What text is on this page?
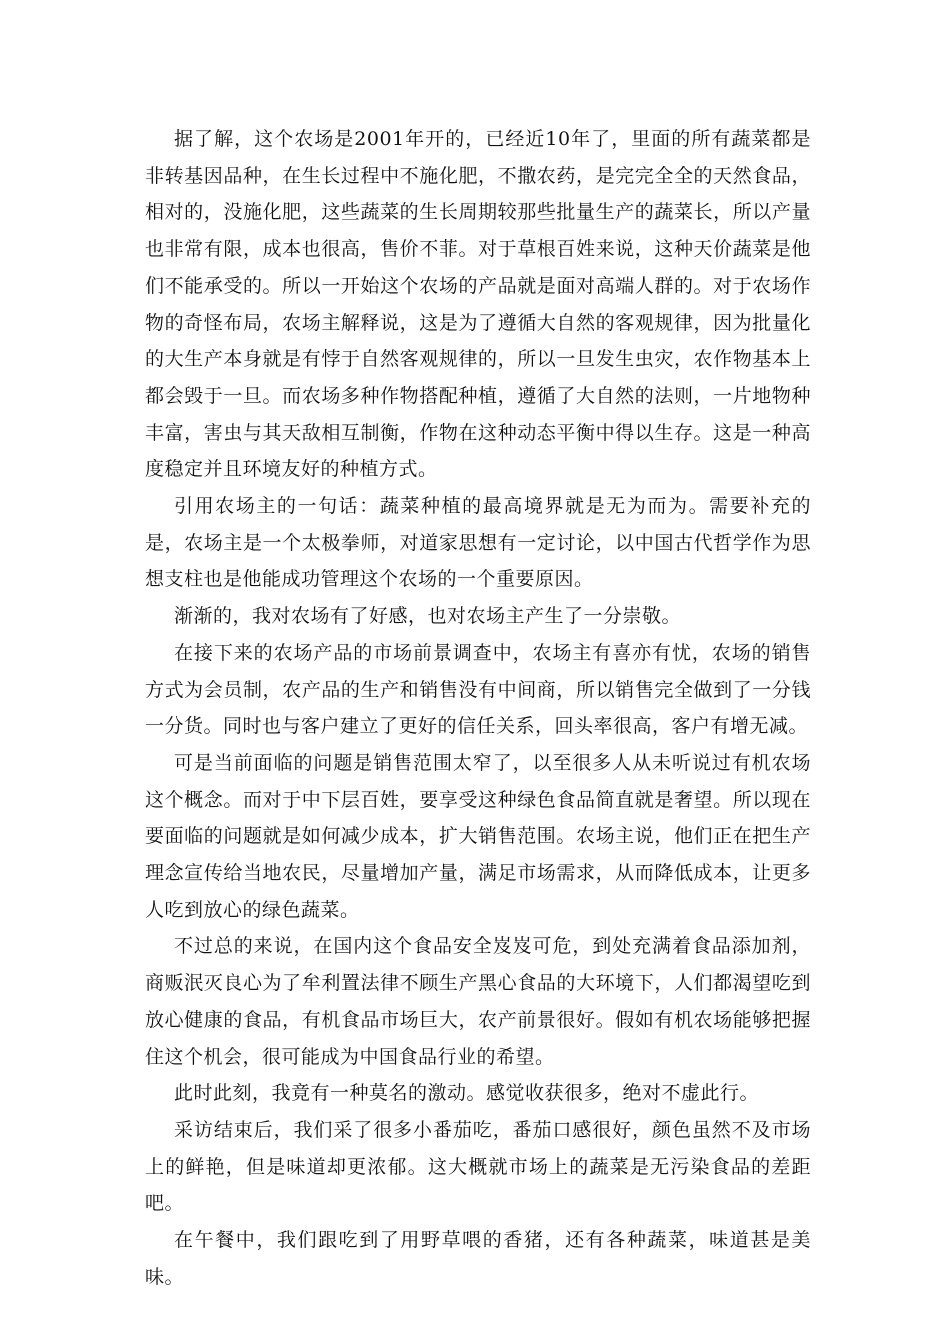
据了解，这个农场是2001年开的，已经近10年了，里面的所有蔬菜都是非转基因品种，在生长过程中不施化肥，不撒农药，是完完全全的天然食品，相对的，没施化肥，这些蔬菜的生长周期较那些批量生产的蔬菜长，所以产量也非常有限，成本也很高，售价不菲。对于草根百姓来说，这种天价蔬菜是他们不能承受的。所以一开始这个农场的产品就是面对高端人群的。对于农场作物的奇怪布局，农场主解释说，这是为了遵循大自然的客观规律，因为批量化的大生产本身就是有悖于自然客观规律的，所以一旦发生虫灾，农作物基本上都会毁于一旦。而农场多种作物搭配种植，遵循了大自然的法则，一片地物种丰富，害虫与其天敌相互制衡，作物在这种动态平衡中得以生存。这是一种高度稳定并且环境友好的种植方式。

引用农场主的一句话：蔬菜种植的最高境界就是无为而为。需要补充的是，农场主是一个太极拳师，对道家思想有一定讨论，以中国古代哲学作为思想支柱也是他能成功管理这个农场的一个重要原因。

渐渐的，我对农场有了好感，也对农场主产生了一分崇敬。

在接下来的农场产品的市场前景调查中，农场主有喜亦有忧，农场的销售方式为会员制，农产品的生产和销售没有中间商，所以销售完全做到了一分钱一分货。同时也与客户建立了更好的信任关系，回头率很高，客户有增无减。

可是当前面临的问题是销售范围太窄了，以至很多人从未听说过有机农场这个概念。而对于中下层百姓，要享受这种绿色食品简直就是奢望。所以现在要面临的问题就是如何减少成本，扩大销售范围。农场主说，他们正在把生产理念宣传给当地农民，尽量增加产量，满足市场需求，从而降低成本，让更多人吃到放心的绿色蔬菜。

不过总的来说，在国内这个食品安全岌岌可危，到处充满着食品添加剂，商贩泯灭良心为了牟利置法律不顾生产黑心食品的大环境下，人们都渴望吃到放心健康的食品，有机食品市场巨大，农产前景很好。假如有机农场能够把握住这个机会，很可能成为中国食品行业的希望。

此时此刻，我竟有一种莫名的激动。感觉收获很多，绝对不虚此行。

采访结束后，我们采了很多小番茄吃，番茄口感很好，颜色虽然不及市场上的鲜艳，但是味道却更浓郁。这大概就市场上的蔬菜是无污染食品的差距吧。

在午餐中，我们跟吃到了用野草喂的香猪，还有各种蔬菜，味道甚是美味。
